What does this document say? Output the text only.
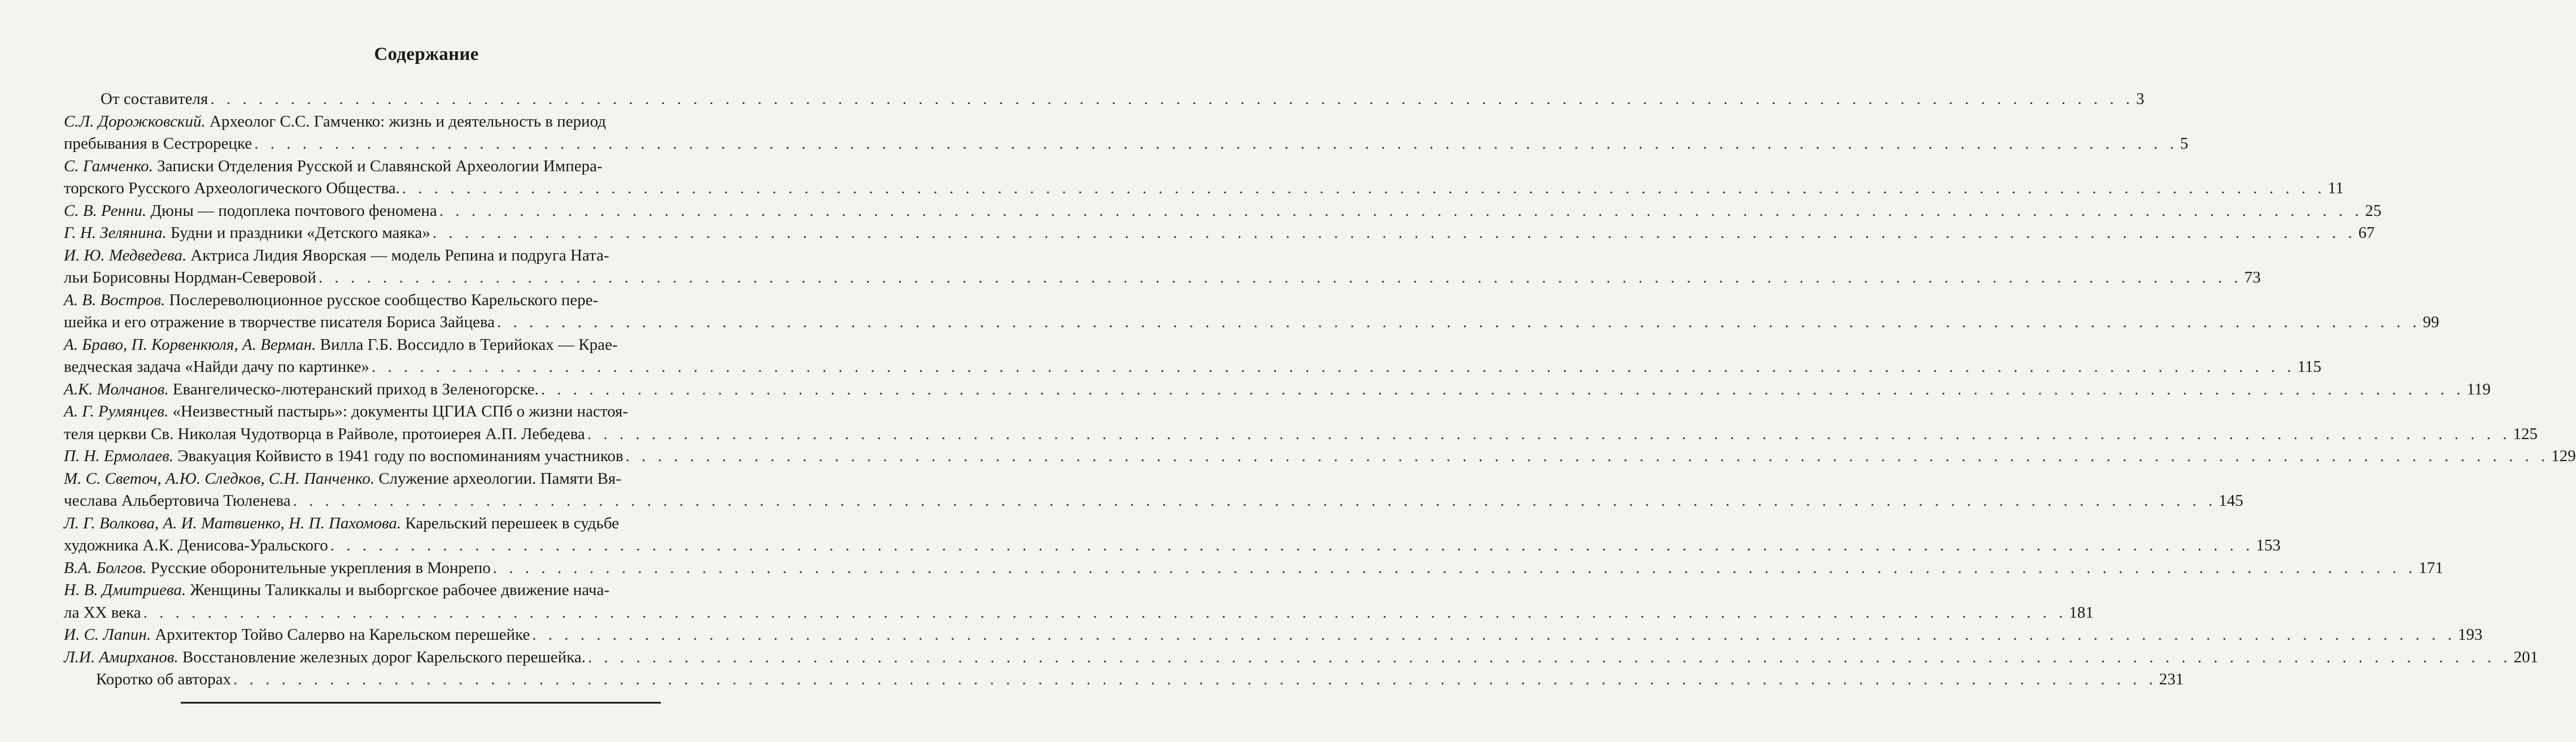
Содержание
От составителя . . . . . . . . . . . . . . . . . . . . . . . . . . . . . . . . . . . . . . . . . . . . . . . . . . . . . . . . . . . . . . . . . . . . . . . . . . . . . . . . . . . . . . . . . . . . . . . . . . . . . . . . . . . . . . . . . . . . . . . . 3
С.Л. Дорожковский.
Археолог С.С. Гамченко: жизнь и деятельность в период
пребывания в Сестрорецке . . . . . . . . . . . . . . . . . . . . . . . . . . . . . . . . . . . . . . . . . . . . . . . . . . . . . . . . . . . . . . . . . . . . . . . . . . . . . . . . . . . . . . . . . . . . . . . . . . . . . . . . . . . . . . . . . . . . . . . . 5
С. Гамченко.
Записки Отделения Русской и Славянской Археологии Импера-
торского Русского Археологического Общества. . . . . . . . . . . . . . . . . . . . . . . . . . . . . . . . . . . . . . . . . . . . . . . . . . . . . . . . . . . . . . . . . . . . . . . . . . . . . . . . . . . . . . . . . . . . . . . . . . . . . . . . . . . . . . . . . . . . . . . . . 11
С. В. Ренни.
Дюны — подоплека почтового феномена . . . . . . . . . . . . . . . . . . . . . . . . . . . . . . . . . . . . . . . . . . . . . . . . . . . . . . . . . . . . . . . . . . . . . . . . . . . . . . . . . . . . . . . . . . . . . . . . . . . . . . . . . . . . . . . . . . . . . . . . 25
Г. Н. Зелянина.
Будни и праздники «Детского маяка» . . . . . . . . . . . . . . . . . . . . . . . . . . . . . . . . . . . . . . . . . . . . . . . . . . . . . . . . . . . . . . . . . . . . . . . . . . . . . . . . . . . . . . . . . . . . . . . . . . . . . . . . . . . . . . . . . . . . . . . . 67
И. Ю. Медведева.
Актриса Лидия Яворская — модель Репина и подруга Ната-
льи Борисовны Нордман-Северовой . . . . . . . . . . . . . . . . . . . . . . . . . . . . . . . . . . . . . . . . . . . . . . . . . . . . . . . . . . . . . . . . . . . . . . . . . . . . . . . . . . . . . . . . . . . . . . . . . . . . . . . . . . . . . . . . . . . . . . . . 73
А. В. Востров.
Послереволюционное русское сообщество Карельского пере-
шейка и его отражение в творчестве писателя Бориса Зайцева . . . . . . . . . . . . . . . . . . . . . . . . . . . . . . . . . . . . . . . . . . . . . . . . . . . . . . . . . . . . . . . . . . . . . . . . . . . . . . . . . . . . . . . . . . . . . . . . . . . . . . . . . . . . . . . . . . . . . . . . 99
А. Браво, П. Корвенкюля, А. Верман.
Вилла Г.Б. Воссидло в Терийоках — Крае-
ведческая задача «Найди дачу по картинке» . . . . . . . . . . . . . . . . . . . . . . . . . . . . . . . . . . . . . . . . . . . . . . . . . . . . . . . . . . . . . . . . . . . . . . . . . . . . . . . . . . . . . . . . . . . . . . . . . . . . . . . . . . . . . . . . . . . . . . . . 115
А.К. Молчанов.
Евангелическо-лютеранский приход в Зеленогорске. . . . . . . . . . . . . . . . . . . . . . . . . . . . . . . . . . . . . . . . . . . . . . . . . . . . . . . . . . . . . . . . . . . . . . . . . . . . . . . . . . . . . . . . . . . . . . . . . . . . . . . . . . . . . . . . . . . . . . . . . 119
А. Г. Румянцев.
«Неизвестный пастырь»: документы ЦГИА СПб о жизни настоя-
теля церкви Св. Николая Чудотворца в Райволе, протоиерея А.П. Лебедева . . . . . . . . . . . . . . . . . . . . . . . . . . . . . . . . . . . . . . . . . . . . . . . . . . . . . . . . . . . . . . . . . . . . . . . . . . . . . . . . . . . . . . . . . . . . . . . . . . . . . . . . . . . . . . . . . . . . . . . . 125
П. Н. Ермолаев.
Эвакуация Койвисто в 1941 году по воспоминаниям участников . . . . . . . . . . . . . . . . . . . . . . . . . . . . . . . . . . . . . . . . . . . . . . . . . . . . . . . . . . . . . . . . . . . . . . . . . . . . . . . . . . . . . . . . . . . . . . . . . . . . . . . . . . . . . . . . . . . . . . . . 129
М. С. Светоч, А.Ю. Следков, С.Н. Панченко.
Служение археологии. Памяти Вя-
чеслава Альбертовича Тюленева . . . . . . . . . . . . . . . . . . . . . . . . . . . . . . . . . . . . . . . . . . . . . . . . . . . . . . . . . . . . . . . . . . . . . . . . . . . . . . . . . . . . . . . . . . . . . . . . . . . . . . . . . . . . . . . . . . . . . . . . 145
Л. Г. Волкова, А. И. Матвиенко, Н. П. Пахомова.
Карельский перешеек в судьбе
художника А.К. Денисова-Уральского . . . . . . . . . . . . . . . . . . . . . . . . . . . . . . . . . . . . . . . . . . . . . . . . . . . . . . . . . . . . . . . . . . . . . . . . . . . . . . . . . . . . . . . . . . . . . . . . . . . . . . . . . . . . . . . . . . . . . . . . 153
В.А. Болгов.
Русские оборонительные укрепления в Монрепо . . . . . . . . . . . . . . . . . . . . . . . . . . . . . . . . . . . . . . . . . . . . . . . . . . . . . . . . . . . . . . . . . . . . . . . . . . . . . . . . . . . . . . . . . . . . . . . . . . . . . . . . . . . . . . . . . . . . . . . . 171
Н. В. Дмитриева.
Женщины Таликкалы и выборгское рабочее движение нача-
ла XX века . . . . . . . . . . . . . . . . . . . . . . . . . . . . . . . . . . . . . . . . . . . . . . . . . . . . . . . . . . . . . . . . . . . . . . . . . . . . . . . . . . . . . . . . . . . . . . . . . . . . . . . . . . . . . . . . . . . . . . . . 181
И. С. Лапин.
Архитектор Тойво Салерво на Карельском перешейке . . . . . . . . . . . . . . . . . . . . . . . . . . . . . . . . . . . . . . . . . . . . . . . . . . . . . . . . . . . . . . . . . . . . . . . . . . . . . . . . . . . . . . . . . . . . . . . . . . . . . . . . . . . . . . . . . . . . . . . . 193
Л.И. Амирханов.
Восстановление железных дорог Карельского перешейка. . . . . . . . . . . . . . . . . . . . . . . . . . . . . . . . . . . . . . . . . . . . . . . . . . . . . . . . . . . . . . . . . . . . . . . . . . . . . . . . . . . . . . . . . . . . . . . . . . . . . . . . . . . . . . . . . . . . . . . . . 201
Коротко об авторах . . . . . . . . . . . . . . . . . . . . . . . . . . . . . . . . . . . . . . . . . . . . . . . . . . . . . . . . . . . . . . . . . . . . . . . . . . . . . . . . . . . . . . . . . . . . . . . . . . . . . . . . . . . . . . . . . . . . . . . . 231
